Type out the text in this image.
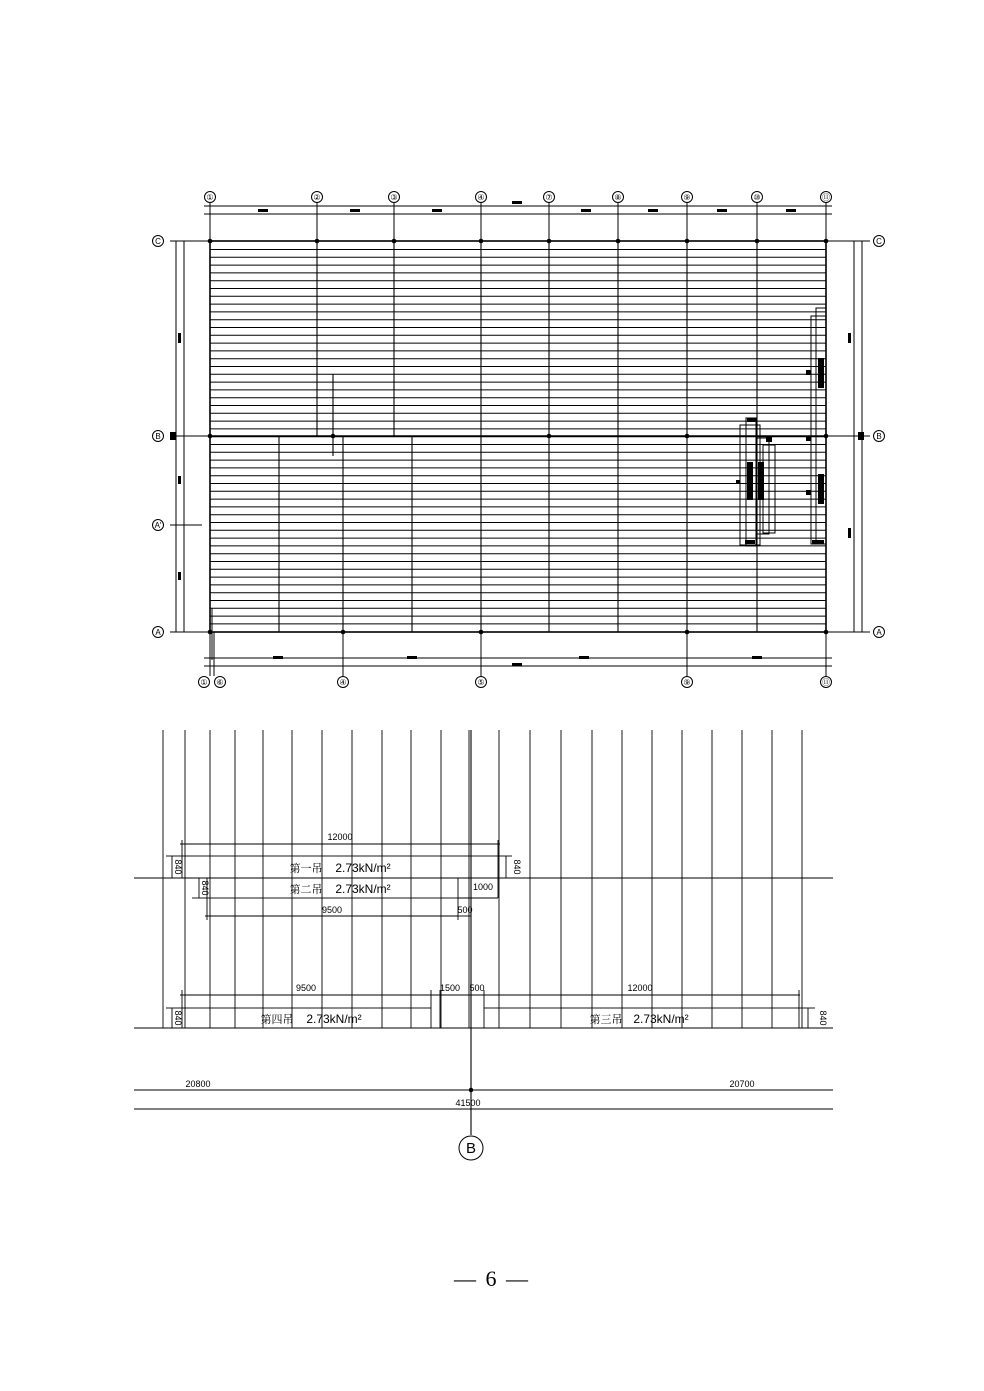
①	②	③	④	⑦	⑧	⑨	⑩	⑪
① ⑥	④	⑤	⑨	⑪
C	C
B	B
A'
A	A
B
12000
840	840
840	1000
9500	500
9500	1500 500	12000
840	840
20800	20700
41500
第一吊 2.73kN/m²
第二吊 2.73kN/m²
第四吊 2.73kN/m²	第三吊 2.73kN/m²
— 6 —
